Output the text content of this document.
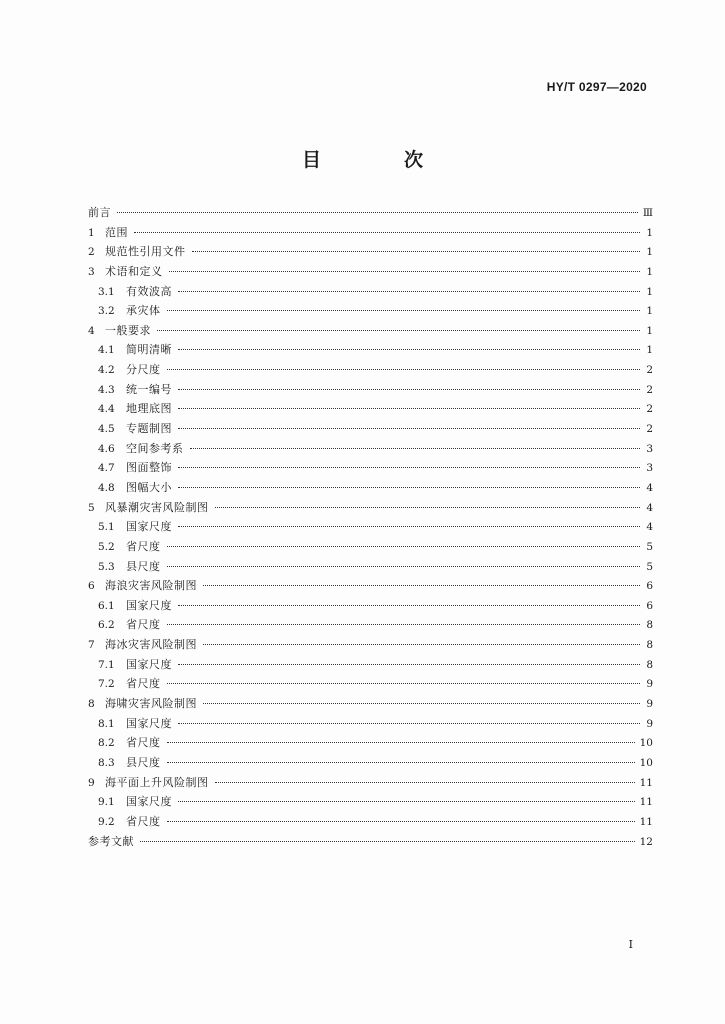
HY/T 0297—2020
目　次
前言	Ⅲ
1 范围	1
2 规范性引用文件	1
3 术语和定义	1
3.1 有效波高	1
3.2 承灾体	1
4 一般要求	1
4.1 简明清晰	1
4.2 分尺度	2
4.3 统一编号	2
4.4 地理底图	2
4.5 专题制图	2
4.6 空间参考系	3
4.7 图面整饰	3
4.8 图幅大小	4
5 风暴潮灾害风险制图	4
5.1 国家尺度	4
5.2 省尺度	5
5.3 县尺度	5
6 海浪灾害风险制图	6
6.1 国家尺度	6
6.2 省尺度	8
7 海冰灾害风险制图	8
7.1 国家尺度	8
7.2 省尺度	9
8 海啸灾害风险制图	9
8.1 国家尺度	9
8.2 省尺度	10
8.3 县尺度	10
9 海平面上升风险制图	11
9.1 国家尺度	11
9.2 省尺度	11
参考文献	12
I
